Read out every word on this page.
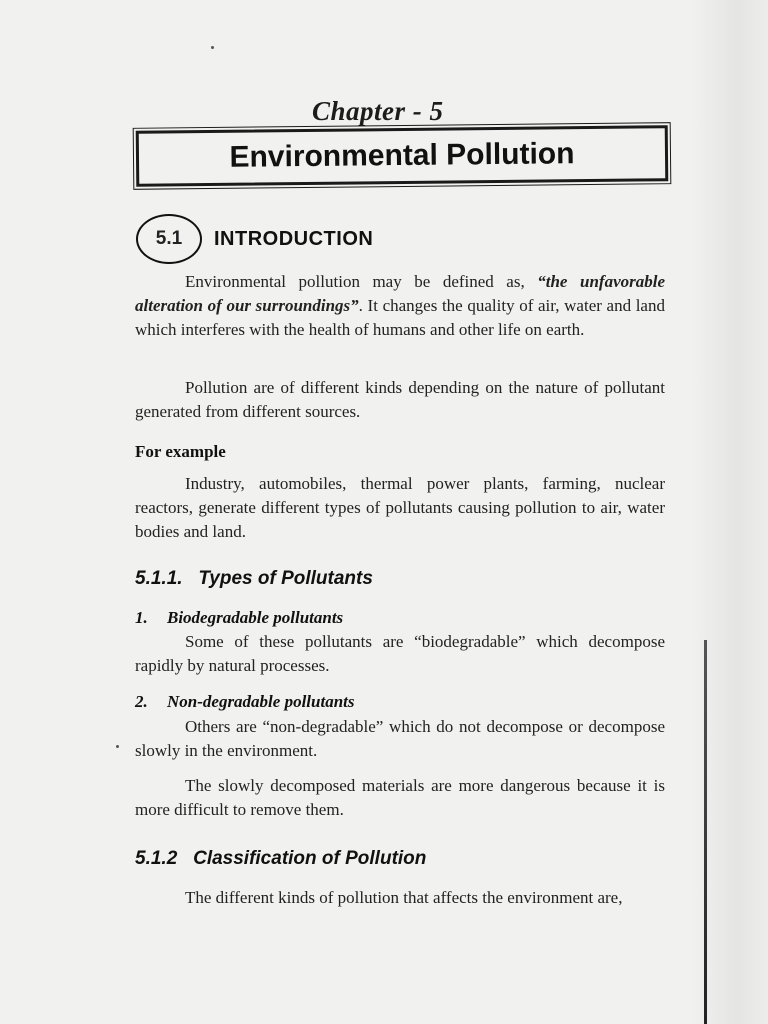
Chapter - 5
Environmental Pollution
5.1	INTRODUCTION
Environmental pollution may be defined as, “the unfavorable alteration of our surroundings”. It changes the quality of air, water and land which interferes with the health of humans and other life on earth.
Pollution are of different kinds depending on the nature of pollutant generated from different sources.
For example
Industry, automobiles, thermal power plants, farming, nuclear reactors, generate different types of pollutants causing pollution to air, water bodies and land.
5.1.1.   Types of Pollutants
1. Biodegradable pollutants
Some of these pollutants are “biodegradable” which decompose rapidly by natural processes.
2. Non-degradable pollutants
Others are “non-degradable” which do not decompose or decompose slowly in the environment.
The slowly decomposed materials are more dangerous because it is more difficult to remove them.
5.1.2   Classification of Pollution
The different kinds of pollution that affects the environment are,
